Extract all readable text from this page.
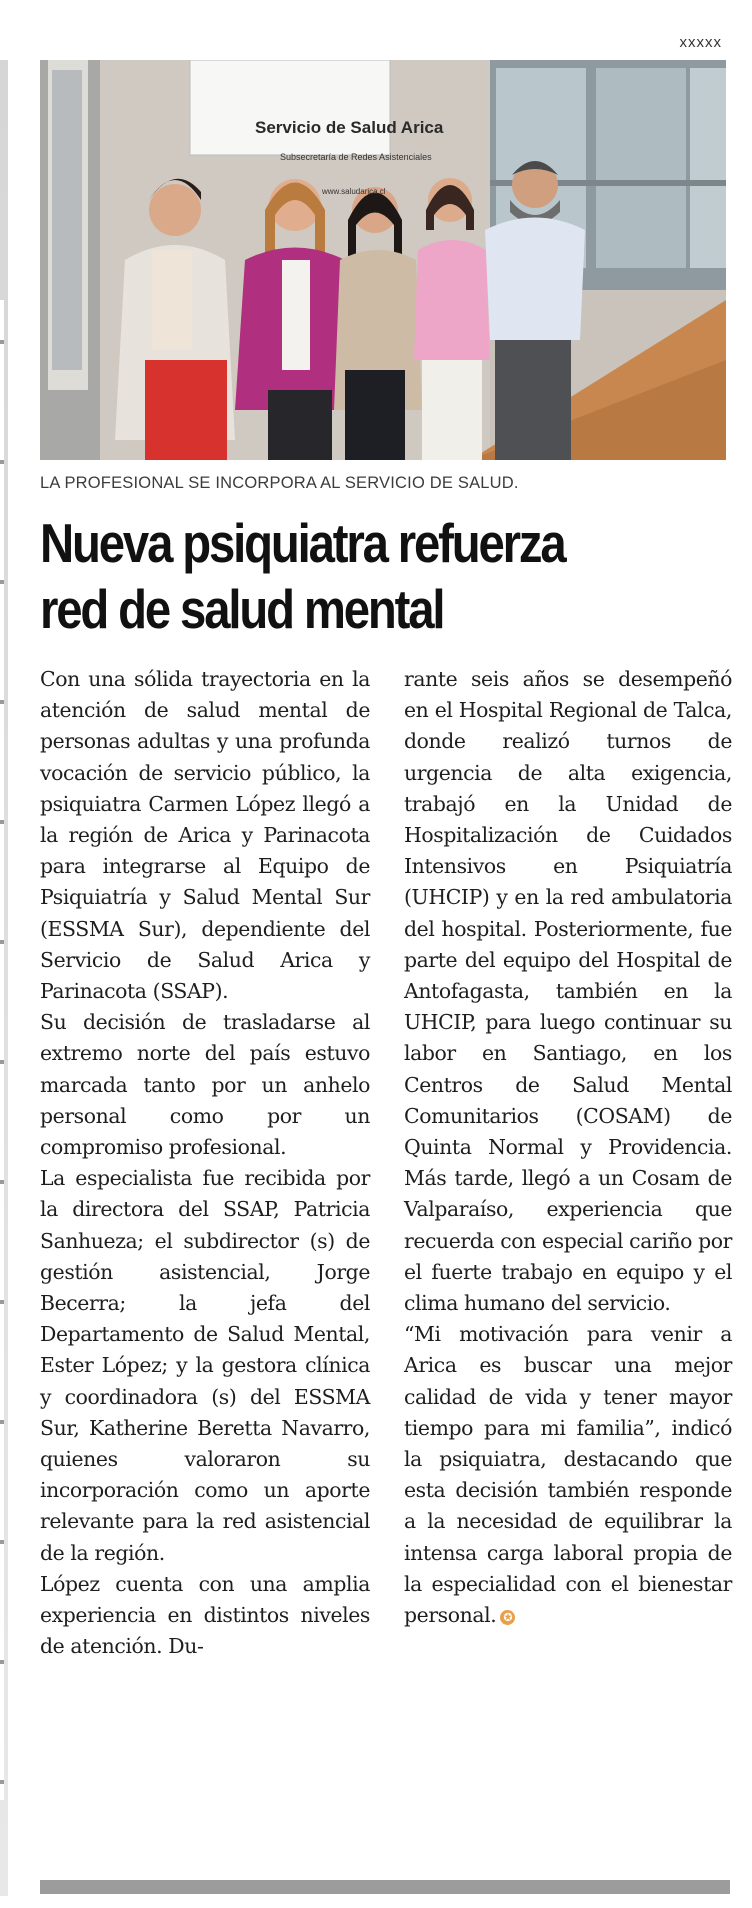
xxxxx
Servicio de Salud Arica
Subsecretaría de Redes Asistenciales
www.saludarica.cl
LA PROFESIONAL SE INCORPORA AL SERVICIO DE SALUD.
Nueva psiquiatra refuerza
red de salud mental

Con una sólida trayectoria en la atención de salud mental de personas adultas y una profunda vocación de servicio público, la psiquiatra Carmen López llegó a la región de Arica y Parinacota para integrarse al Equipo de Psiquiatría y Salud Mental Sur (ESSMA Sur), dependiente del Servicio de Salud Arica y Parinacota (SSAP).

Su decisión de trasladarse al extremo norte del país estuvo marcada tanto por un anhelo personal como por un compromiso profesional.

La especialista fue recibida por la directora del SSAP, Patricia Sanhueza; el subdirector (s) de gestión asistencial, Jorge Becerra; la jefa del Departamento de Salud Mental, Ester López; y la gestora clínica y coordinadora (s) del ESSMA Sur, Katherine Beretta Navarro, quienes valoraron su incorporación como un aporte relevante para la red asistencial de la región.

López cuenta con una amplia experiencia en distintos niveles de atención. Du-

rante seis años se desempeñó en el Hospital Regional de Talca, donde realizó turnos de urgencia de alta exigencia, trabajó en la Unidad de Hospitalización de Cuidados Intensivos en Psiquiatría (UHCIP) y en la red ambulatoria del hospital. Posteriormente, fue parte del equipo del Hospital de Antofagasta, también en la UHCIP, para luego continuar su labor en Santiago, en los Centros de Salud Mental Comunitarios (COSAM) de Quinta Normal y Providencia. Más tarde, llegó a un Cosam de Valparaíso, experiencia que recuerda con especial cariño por el fuerte trabajo en equipo y el clima humano del servicio.

“Mi motivación para venir a Arica es buscar una mejor calidad de vida y tener mayor tiempo para mi familia”, indicó la psiquiatra, destacando que esta decisión también responde a la necesidad de equilibrar la intensa carga laboral propia de la especialidad con el bienestar personal. ✪
